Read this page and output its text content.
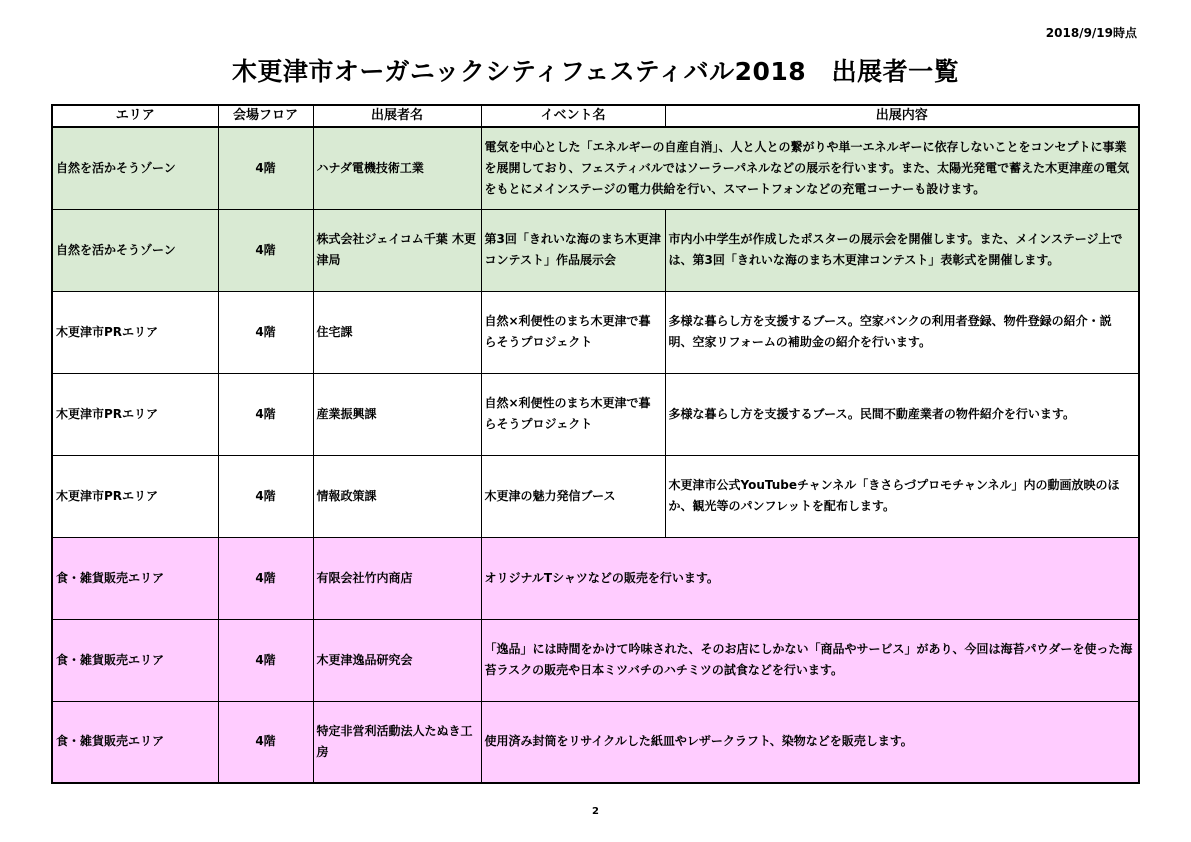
2018/9/19時点
木更津市オーガニックシティフェスティバル2018　出展者一覧
エリア	会場フロア	出展者名	イベント名	出展内容
自然を活かそうゾーン	4階	ハナダ電機技術工業	電気を中心とした「エネルギーの自産自消」、人と人との繋がりや単一エネルギーに依存しないことをコンセプトに事業を展開しており、フェスティバルではソーラーパネルなどの展示を行います。また、太陽光発電で蓄えた木更津産の電気をもとにメインステージの電力供給を行い、スマートフォンなどの充電コーナーも設けます。	
自然を活かそうゾーン	4階	株式会社ジェイコム千葉 木更津局	第3回「きれいな海のまち木更津コンテスト」作品展示会	市内小中学生が作成したポスターの展示会を開催します。また、メインステージ上では、第3回「きれいな海のまち木更津コンテスト」表彰式を開催します。
木更津市PRエリア	4階	住宅課	自然×利便性のまち木更津で暮らそうプロジェクト	多様な暮らし方を支援するブース。空家バンクの利用者登録、物件登録の紹介・説明、空家リフォームの補助金の紹介を行います。
木更津市PRエリア	4階	産業振興課	自然×利便性のまち木更津で暮らそうプロジェクト	多様な暮らし方を支援するブース。民間不動産業者の物件紹介を行います。
木更津市PRエリア	4階	情報政策課	木更津の魅力発信ブース	木更津市公式YouTubeチャンネル「きさらづプロモチャンネル」内の動画放映のほか、観光等のパンフレットを配布します。
食・雑貨販売エリア	4階	有限会社竹内商店	オリジナルTシャツなどの販売を行います。	
食・雑貨販売エリア	4階	木更津逸品研究会	「逸品」には時間をかけて吟味された、そのお店にしかない「商品やサービス」があり、今回は海苔パウダーを使った海苔ラスクの販売や日本ミツバチのハチミツの試食などを行います。	
食・雑貨販売エリア	4階	特定非営利活動法人たぬき工房	使用済み封筒をリサイクルした紙皿やレザークラフト、染物などを販売します。	
2
